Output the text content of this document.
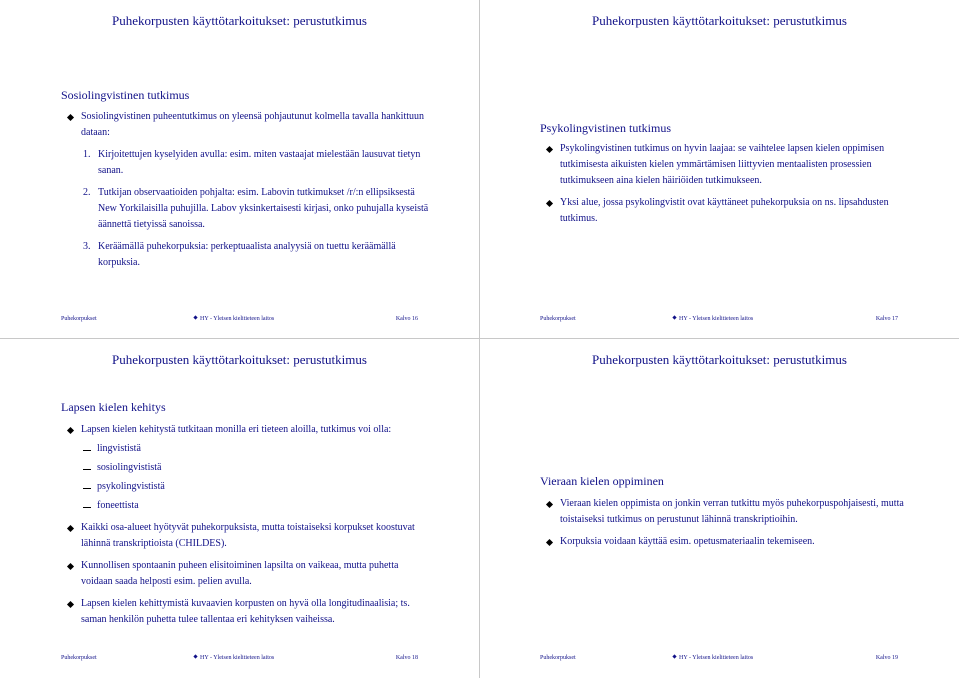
Puhekorpusten käyttötarkoitukset: perustutkimus
Sosiolingvistinen tutkimus
Sosiolingvistinen puheentutkimus on yleensä pohjautunut kolmella tavalla hankittuun dataan:
1. Kirjoitettujen kyselyiden avulla: esim. miten vastaajat mielestään lausuvat tietyn sanan.
2. Tutkijan observaatioiden pohjalta: esim. Labovin tutkimukset /r/:n ellipsiksestä New Yorkilaisilla puhujilla. Labov yksinkertaisesti kirjasi, onko puhujalla kyseistä äännettä tietyissä sanoissa.
3. Keräämällä puhekorpuksia: perkeptuaalista analyysiä on tuettu keräämällä korpuksia.
Puhekorpukset	HY - Yleisen kielitieteen laitos	Kalvo 16
Puhekorpusten käyttötarkoitukset: perustutkimus
Psykolingvistinen tutkimus
Psykolingvistinen tutkimus on hyvin laajaa: se vaihtelee lapsen kielen oppimisen tutkimisesta aikuisten kielen ymmärtämisen liittyvien mentaalisten prosessien tutkimukseen aina kielen häiriöiden tutkimukseen.
Yksi alue, jossa psykolingvistit ovat käyttäneet puhekorpuksia on ns. lipsahdusten tutkimus.
Puhekorpukset	HY - Yleisen kielitieteen laitos	Kalvo 17
Puhekorpusten käyttötarkoitukset: perustutkimus
Lapsen kielen kehitys
Lapsen kielen kehitystä tutkitaan monilla eri tieteen aloilla, tutkimus voi olla:
lingvististä
sosiolingvististä
psykolingvististä
foneettista
Kaikki osa-alueet hyötyvät puhekorpuksista, mutta toistaiseksi korpukset koostuvat lähinnä transkriptioista (CHILDES).
Kunnollisen spontaanin puheen elisitoiminen lapsilta on vaikeaa, mutta puhetta voidaan saada helposti esim. pelien avulla.
Lapsen kielen kehittymistä kuvaavien korpusten on hyvä olla longitudinaalisia; ts. saman henkilön puhetta tulee tallentaa eri kehityksen vaiheissa.
Puhekorpukset	HY - Yleisen kielitieteen laitos	Kalvo 18
Puhekorpusten käyttötarkoitukset: perustutkimus
Vieraan kielen oppiminen
Vieraan kielen oppimista on jonkin verran tutkittu myös puhekorpuspohjaisesti, mutta toistaiseksi tutkimus on perustunut lähinnä transkriptioihin.
Korpuksia voidaan käyttää esim. opetusmateriaalin tekemiseen.
Puhekorpukset	HY - Yleisen kielitieteen laitos	Kalvo 19
